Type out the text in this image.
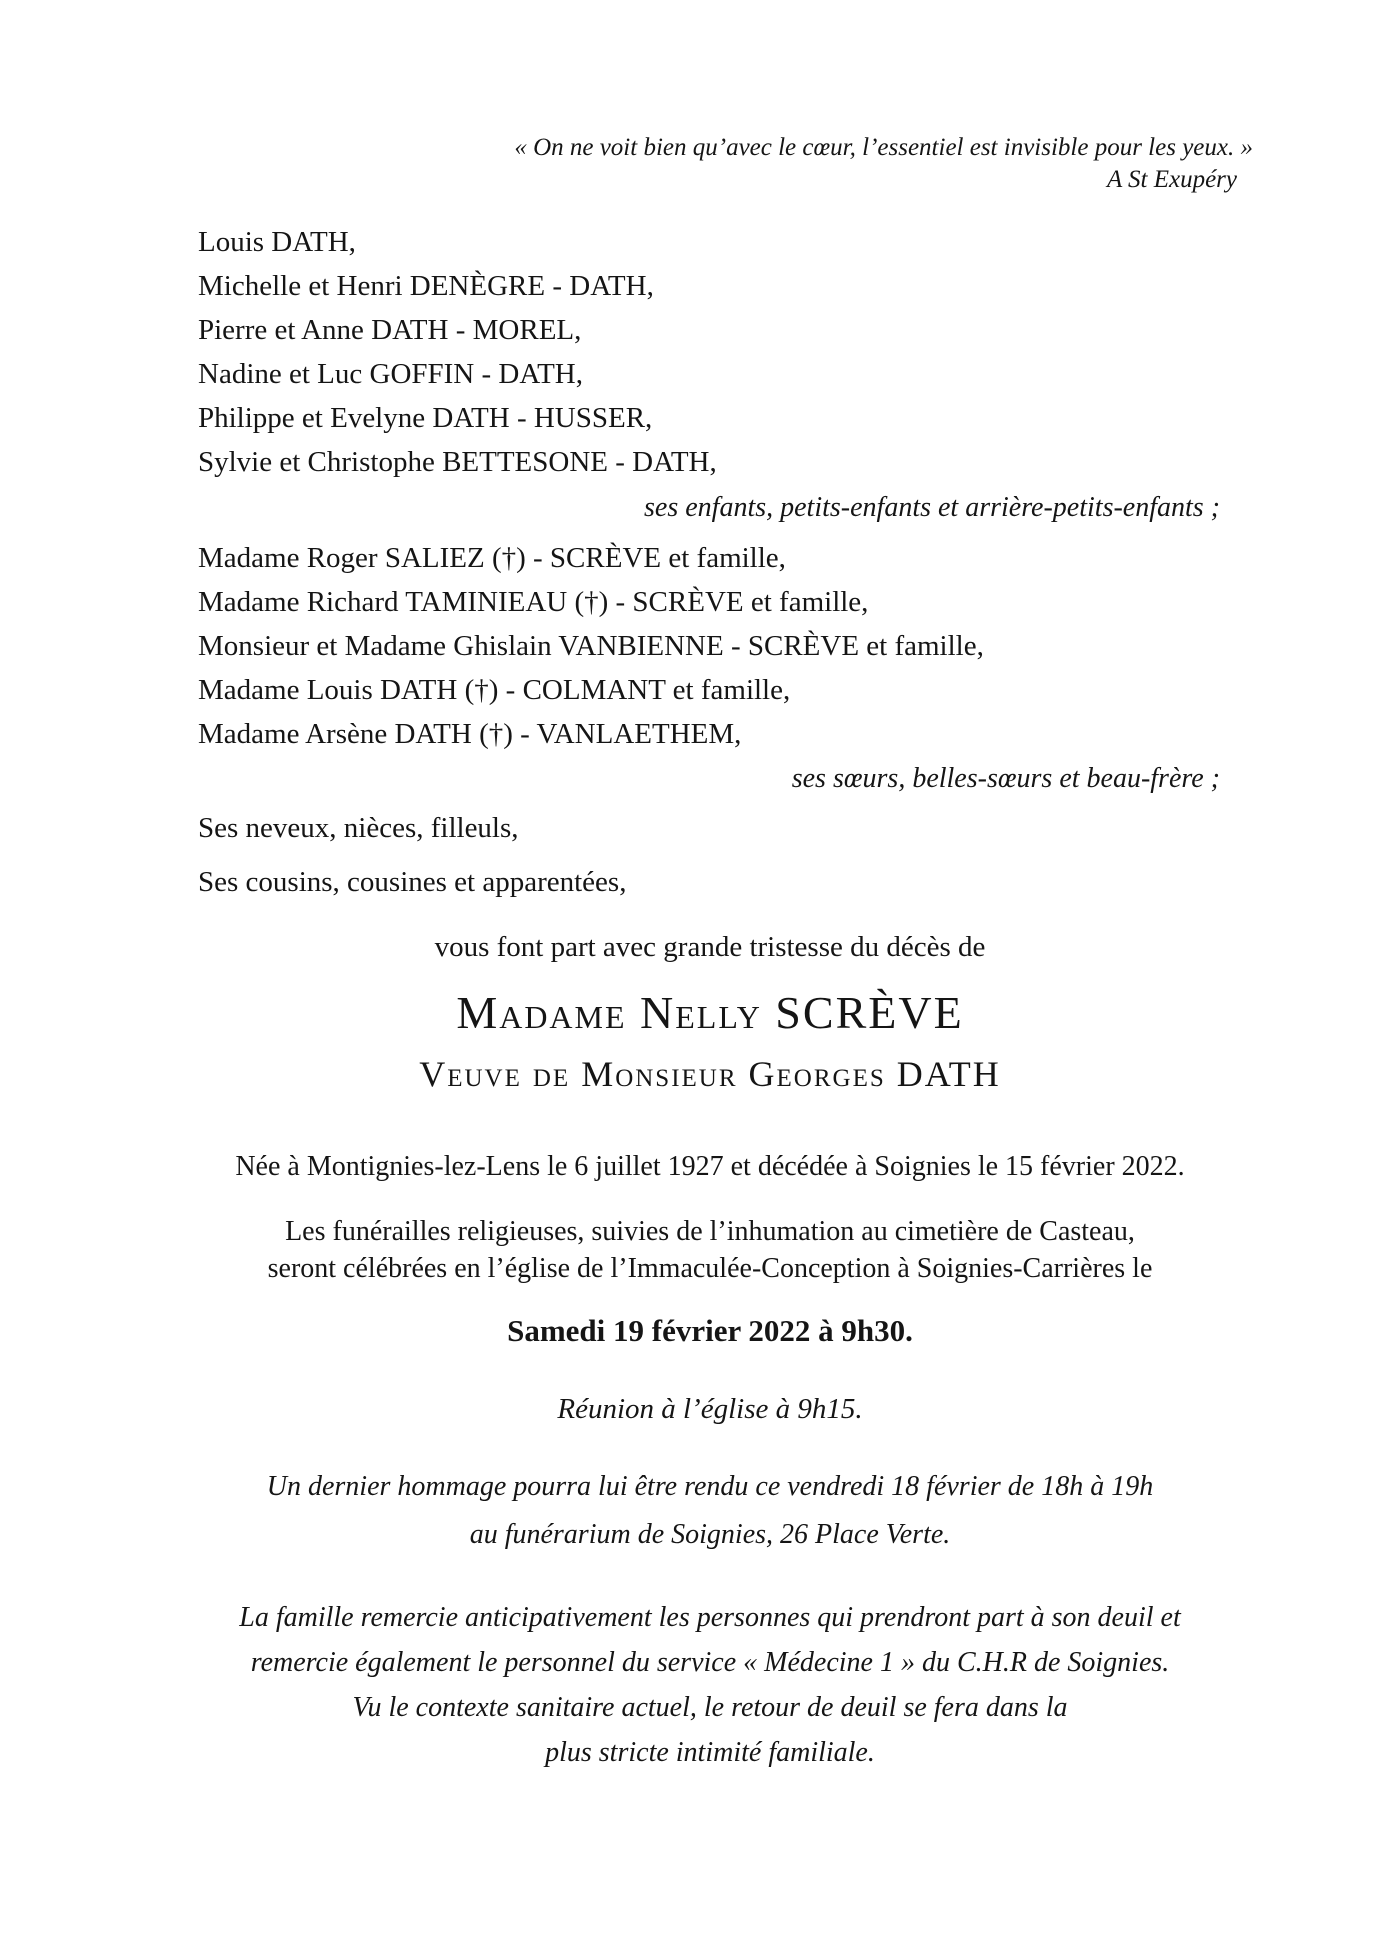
« On ne voit bien qu’avec le cœur, l’essentiel est invisible pour les yeux. »
A St Exupéry
Louis DATH,
Michelle et Henri DENÈGRE - DATH,
Pierre et Anne DATH - MOREL,
Nadine et Luc GOFFIN - DATH,
Philippe et Evelyne DATH - HUSSER,
Sylvie et Christophe BETTESONE - DATH,
ses enfants, petits-enfants et arrière-petits-enfants ;
Madame Roger SALIEZ (†) - SCRÈVE et famille,
Madame Richard TAMINIEAU (†) - SCRÈVE et famille,
Monsieur et Madame Ghislain VANBIENNE - SCRÈVE et famille,
Madame Louis DATH (†) - COLMANT et famille,
Madame Arsène DATH (†) - VANLAETHEM,
ses sœurs, belles-sœurs et beau-frère ;
Ses neveux, nièces, filleuls,
Ses cousins, cousines et apparentées,
vous font part avec grande tristesse du décès de
Madame Nelly SCRÈVE
Veuve de Monsieur Georges DATH
Née à Montignies-lez-Lens le 6 juillet 1927 et décédée à Soignies le 15 février 2022.
Les funérailles religieuses, suivies de l’inhumation au cimetière de Casteau,
seront célébrées en l’église de l’Immaculée-Conception à Soignies-Carrières le
Samedi 19 février 2022 à 9h30.
Réunion à l’église à 9h15.
Un dernier hommage pourra lui être rendu ce vendredi 18 février de 18h à 19h
au funérarium de Soignies, 26 Place Verte.
La famille remercie anticipativement les personnes qui prendront part à son deuil et
remercie également le personnel du service « Médecine 1 » du C.H.R de Soignies.
Vu le contexte sanitaire actuel, le retour de deuil se fera dans la
plus stricte intimité familiale.
